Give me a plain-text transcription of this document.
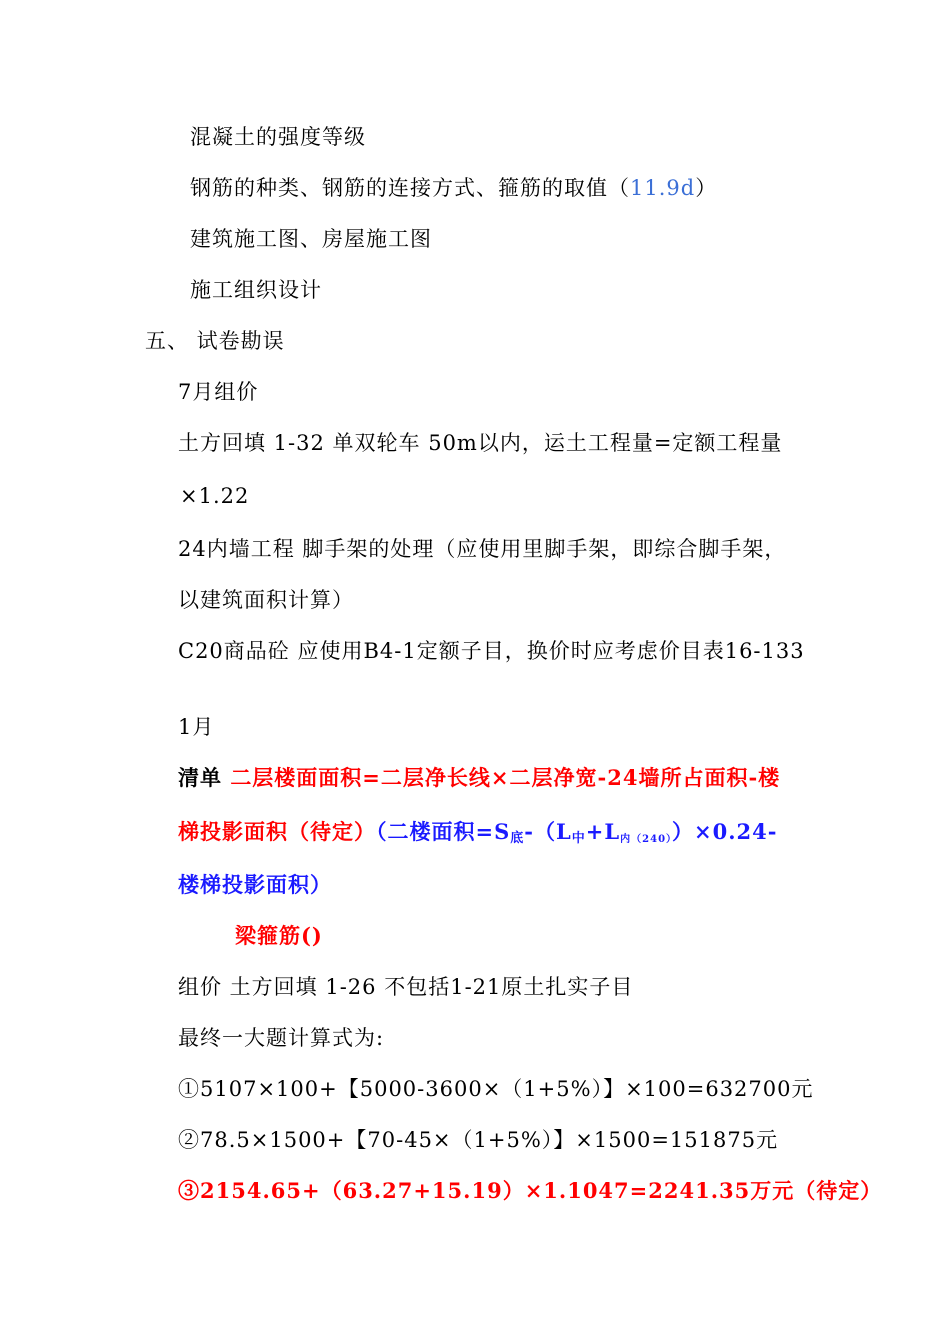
混凝土的强度等级
钢筋的种类、钢筋的连接方式、箍筋的取值（11.9d）
建筑施工图、房屋施工图
施工组织设计
五、 试卷勘误
7月组价
土方回填 1-32 单双轮车 50m以内，运土工程量=定额工程量
×1.22
24内墙工程 脚手架的处理（应使用里脚手架，即综合脚手架，
以建筑面积计算）
C20商品砼 应使用B4-1定额子目，换价时应考虑价目表16-133
1月
清单 二层楼面面积=二层净长线×二层净宽-24墙所占面积-楼
梯投影面积（待定）（二楼面积=S底-（L中+L内（240））×0.24-
楼梯投影面积）
梁箍筋()
组价 土方回填 1-26 不包括1-21原土扎实子目
最终一大题计算式为:
①5107×100+【5000-3600×（1+5%）】×100=632700元
②78.5×1500+【70-45×（1+5%）】×1500=151875元
③2154.65+（63.27+15.19）×1.1047=2241.35万元（待定）
